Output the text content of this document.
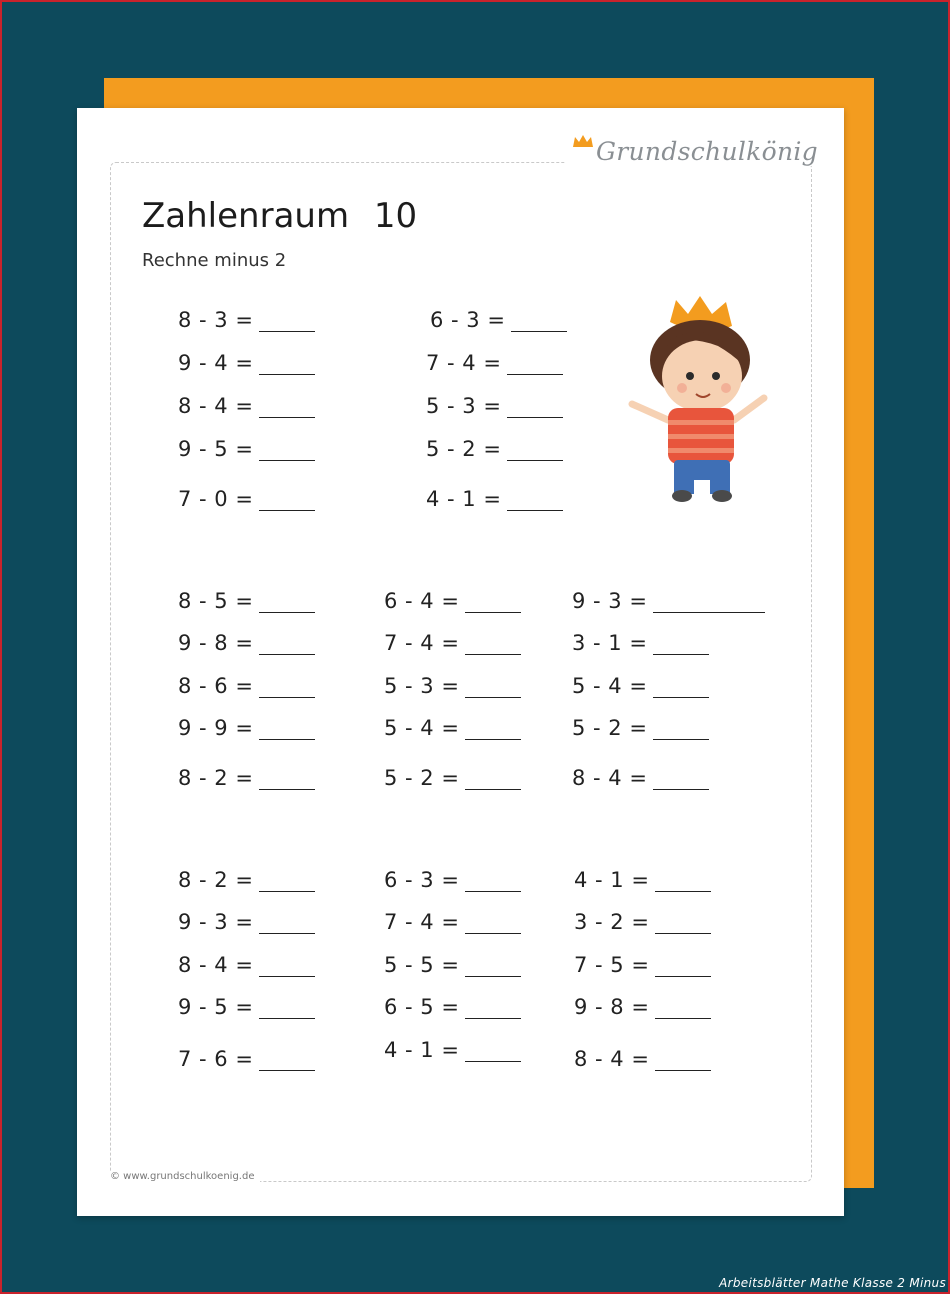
Grundschulkönig
Zahlenraum 10
Rechne minus 2
8 - 3 =
9 - 4 =
8 - 4 =
9 - 5 =
7 - 0 =
6 - 3 =
7 - 4 =
5 - 3 =
5 - 2 =
4 - 1 =
8 - 5 =
9 - 8 =
8 - 6 =
9 - 9 =
8 - 2 =
6 - 4 =
7 - 4 =
5 - 3 =
5 - 4 =
5 - 2 =
9 - 3 =
3 - 1 =
5 - 4 =
5 - 2 =
8 - 4 =
8 - 2 =
9 - 3 =
8 - 4 =
9 - 5 =
7 - 6 =
6 - 3 =
7 - 4 =
5 - 5 =
6 - 5 =
4 - 1 =
4 - 1 =
3 - 2 =
7 - 5 =
9 - 8 =
8 - 4 =
© www.grundschulkoenig.de
Arbeitsblätter Mathe Klasse 2 Minus
